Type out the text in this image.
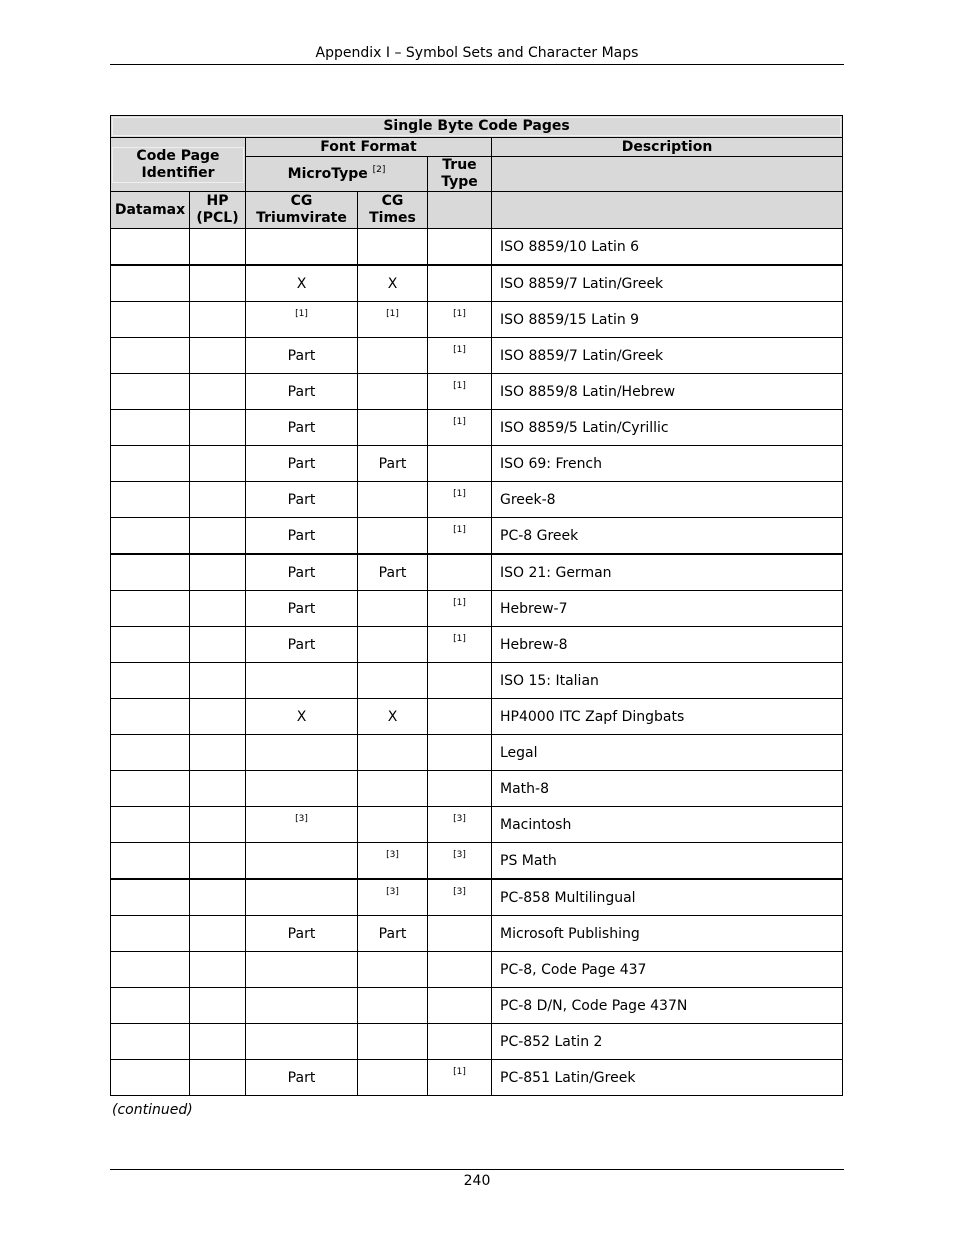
Appendix I – Symbol Sets and Character Maps
Single Byte Code Pages					

Code Page Identifier		Font Format			Description
		MicroType [2]		True Type	
Datamax	HP (PCL)	CG Triumvirate	CG Times		
					ISO 8859/10 Latin 6
		X	X		ISO 8859/7 Latin/Greek
		[1]	[1]	[1]	ISO 8859/15 Latin 9
		Part		[1]	ISO 8859/7 Latin/Greek
		Part		[1]	ISO 8859/8 Latin/Hebrew
		Part		[1]	ISO 8859/5 Latin/Cyrillic
		Part	Part		ISO 69: French
		Part		[1]	Greek-8
		Part		[1]	PC-8 Greek
		Part	Part		ISO 21: German
		Part		[1]	Hebrew-7
		Part		[1]	Hebrew-8
					ISO 15: Italian
		X	X		HP4000 ITC Zapf Dingbats
					Legal
					Math-8
		[3]		[3]	Macintosh
			[3]	[3]	PS Math
			[3]	[3]	PC-858 Multilingual
		Part	Part		Microsoft Publishing
					PC-8, Code Page 437
					PC-8 D/N, Code Page 437N
					PC-852 Latin 2
		Part		[1]	PC-851 Latin/Greek
(continued)
240
